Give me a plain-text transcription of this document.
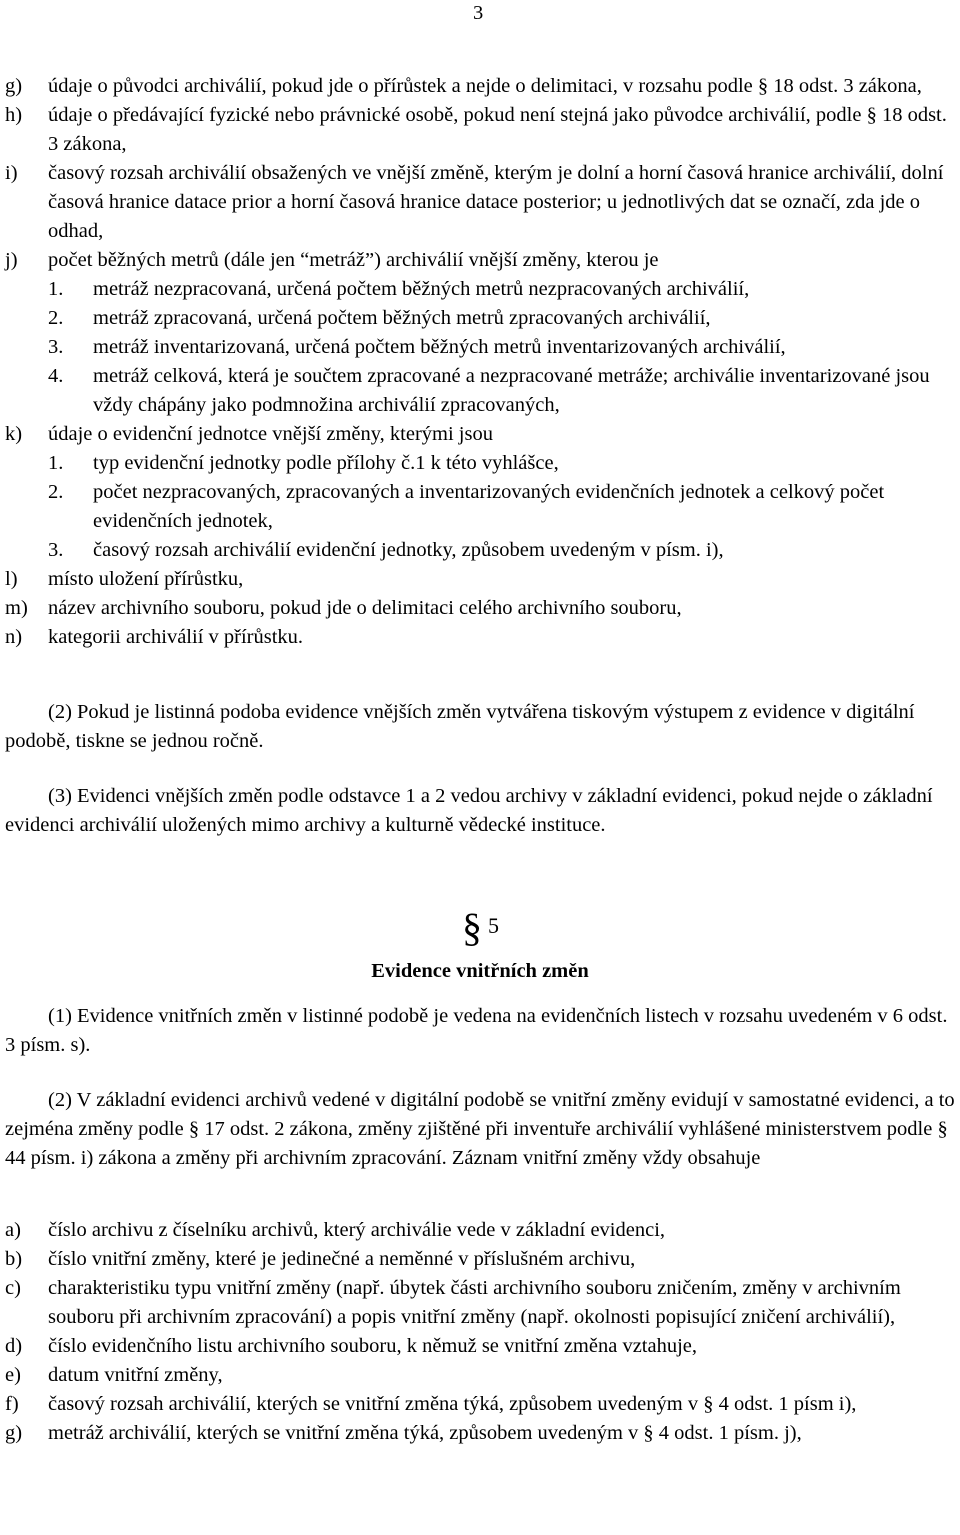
3
g) údaje o původci archiválií, pokud jde o přírůstek a nejde o delimitaci, v rozsahu podle § 18 odst. 3 zákona,
h) údaje o předávající fyzické nebo právnické osobě, pokud není stejná jako původce archiválií, podle § 18 odst. 3 zákona,
i) časový rozsah archiválií obsažených ve vnější změně, kterým je dolní a horní časová hranice archiválií, dolní časová hranice datace prior a horní časová hranice datace posterior; u jednotlivých dat se označí, zda jde o odhad,
j) počet běžných metrů (dále jen “metráž”) archiválií vnější změny, kterou je
1. metráž nezpracovaná, určená počtem běžných metrů nezpracovaných archiválií,
2. metráž zpracovaná, určená počtem běžných metrů zpracovaných archiválií,
3. metráž inventarizovaná, určená počtem běžných metrů inventarizovaných archiválií,
4. metráž celková, která je součtem zpracované a nezpracované metráže; archiválie inventarizované jsou vždy chápány jako podmnožina archiválií zpracovaných,
k) údaje o evidenční jednotce vnější změny, kterými jsou
1. typ evidenční jednotky podle přílohy č.1 k této vyhlášce,
2. počet nezpracovaných, zpracovaných a inventarizovaných evidenčních jednotek a celkový počet evidenčních jednotek,
3. časový rozsah archiválií evidenční jednotky, způsobem uvedeným v písm. i),
l) místo uložení přírůstku,
m) název archivního souboru, pokud jde o delimitaci celého archivního souboru,
n) kategorii archiválií v přírůstku.
(2) Pokud je listinná podoba evidence vnějších změn vytvářena tiskovým výstupem z evidence v digitální podobě, tiskne se jednou ročně.
(3) Evidenci vnějších změn podle odstavce 1 a 2 vedou archivy v základní evidenci, pokud nejde o základní evidenci archiválií uložených mimo archivy a kulturně vědecké instituce.
§ 5
Evidence vnitřních změn
(1) Evidence vnitřních změn v listinné podobě je vedena na evidenčních listech v rozsahu uvedeném v 6 odst. 3 písm. s).
(2) V základní evidenci archivů vedené v digitální podobě se vnitřní změny evidují v samostatné evidenci, a to zejména změny podle § 17 odst. 2 zákona, změny zjištěné při inventuře archiválií vyhlášené ministerstvem podle § 44 písm. i) zákona a změny při archivním zpracování. Záznam vnitřní změny vždy obsahuje
a) číslo archivu z číselníku archivů, který archiválie vede v základní evidenci,
b) číslo vnitřní změny, které je jedinečné a neměnné v příslušném archivu,
c) charakteristiku typu vnitřní změny (např. úbytek části archivního souboru zničením, změny v archivním souboru při archivním zpracování) a popis vnitřní změny (např. okolnosti popisující zničení archiválií),
d) číslo evidenčního listu archivního souboru, k němuž se vnitřní změna vztahuje,
e) datum vnitřní změny,
f) časový rozsah archiválií, kterých se vnitřní změna týká, způsobem uvedeným v § 4 odst. 1 písm i),
g) metráž archiválií, kterých se vnitřní změna týká, způsobem uvedeným v § 4 odst. 1 písm. j),
